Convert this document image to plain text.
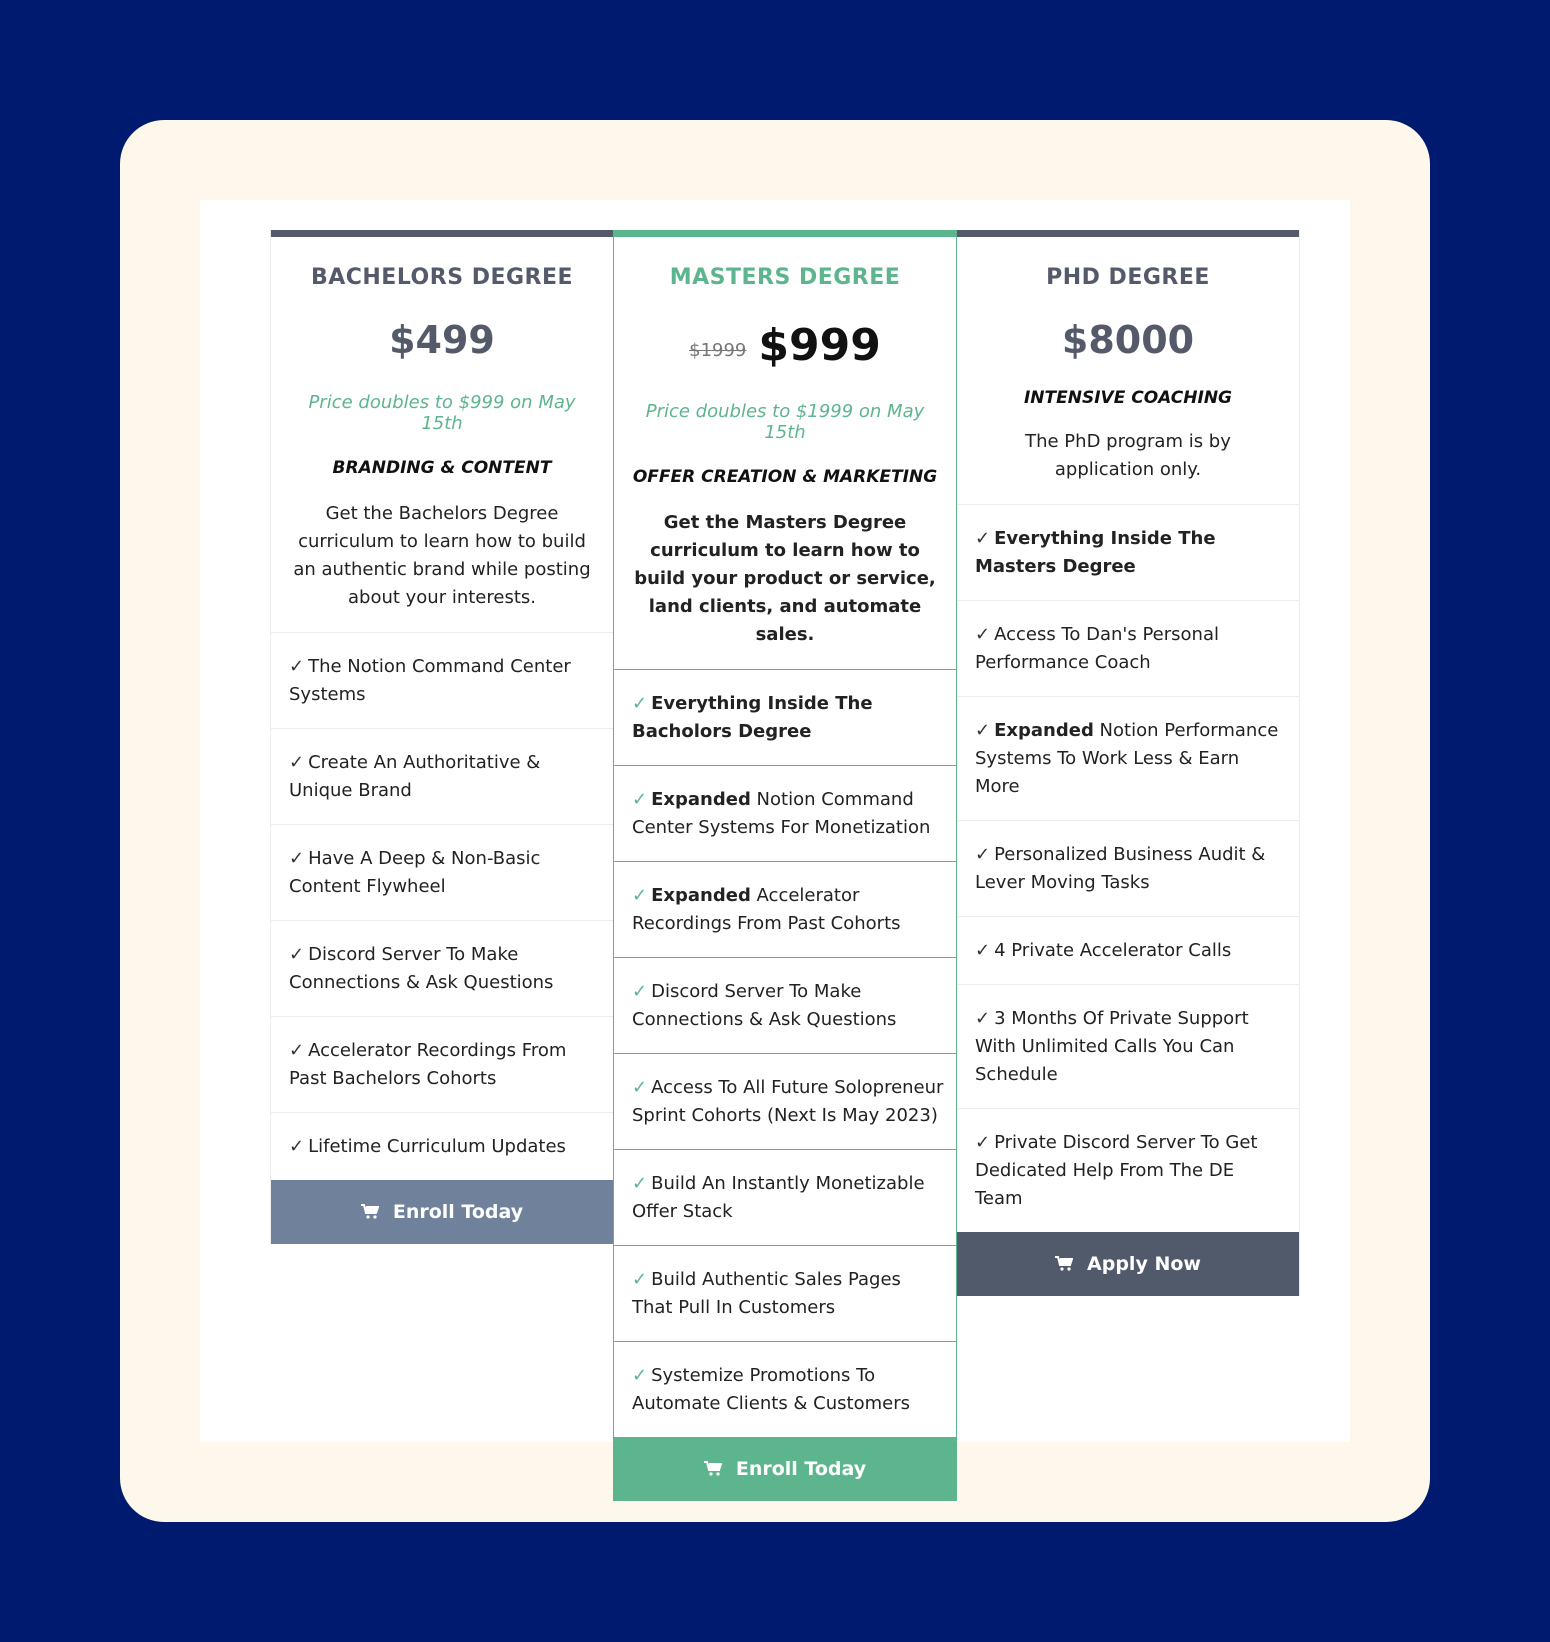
BACHELORS DEGREE
$499
Price doubles to $999 on May 15th
BRANDING & CONTENT
Get the Bachelors Degree curriculum to learn how to build an authentic brand while posting about your interests.
✓ The Notion Command Center Systems
✓ Create An Authoritative & Unique Brand
✓ Have A Deep & Non-Basic Content Flywheel
✓ Discord Server To Make Connections & Ask Questions
✓ Accelerator Recordings From Past Bachelors Cohorts
✓ Lifetime Curriculum Updates
Enroll Today
MASTERS DEGREE
$1999 $999
Price doubles to $1999 on May 15th
OFFER CREATION & MARKETING
Get the Masters Degree curriculum to learn how to build your product or service, land clients, and automate sales.
✓ Everything Inside The Bacholors Degree
✓ Expanded Notion Command Center Systems For Monetization
✓ Expanded Accelerator Recordings From Past Cohorts
✓ Discord Server To Make Connections & Ask Questions
✓ Access To All Future Solopreneur Sprint Cohorts (Next Is May 2023)
✓ Build An Instantly Monetizable Offer Stack
✓ Build Authentic Sales Pages That Pull In Customers
✓ Systemize Promotions To Automate Clients & Customers
Enroll Today
PHD DEGREE
$8000
INTENSIVE COACHING
The PhD program is by application only.
✓ Everything Inside The Masters Degree
✓ Access To Dan's Personal Performance Coach
✓ Expanded Notion Performance Systems To Work Less & Earn More
✓ Personalized Business Audit & Lever Moving Tasks
✓ 4 Private Accelerator Calls
✓ 3 Months Of Private Support With Unlimited Calls You Can Schedule
✓ Private Discord Server To Get Dedicated Help From The DE Team
Apply Now
